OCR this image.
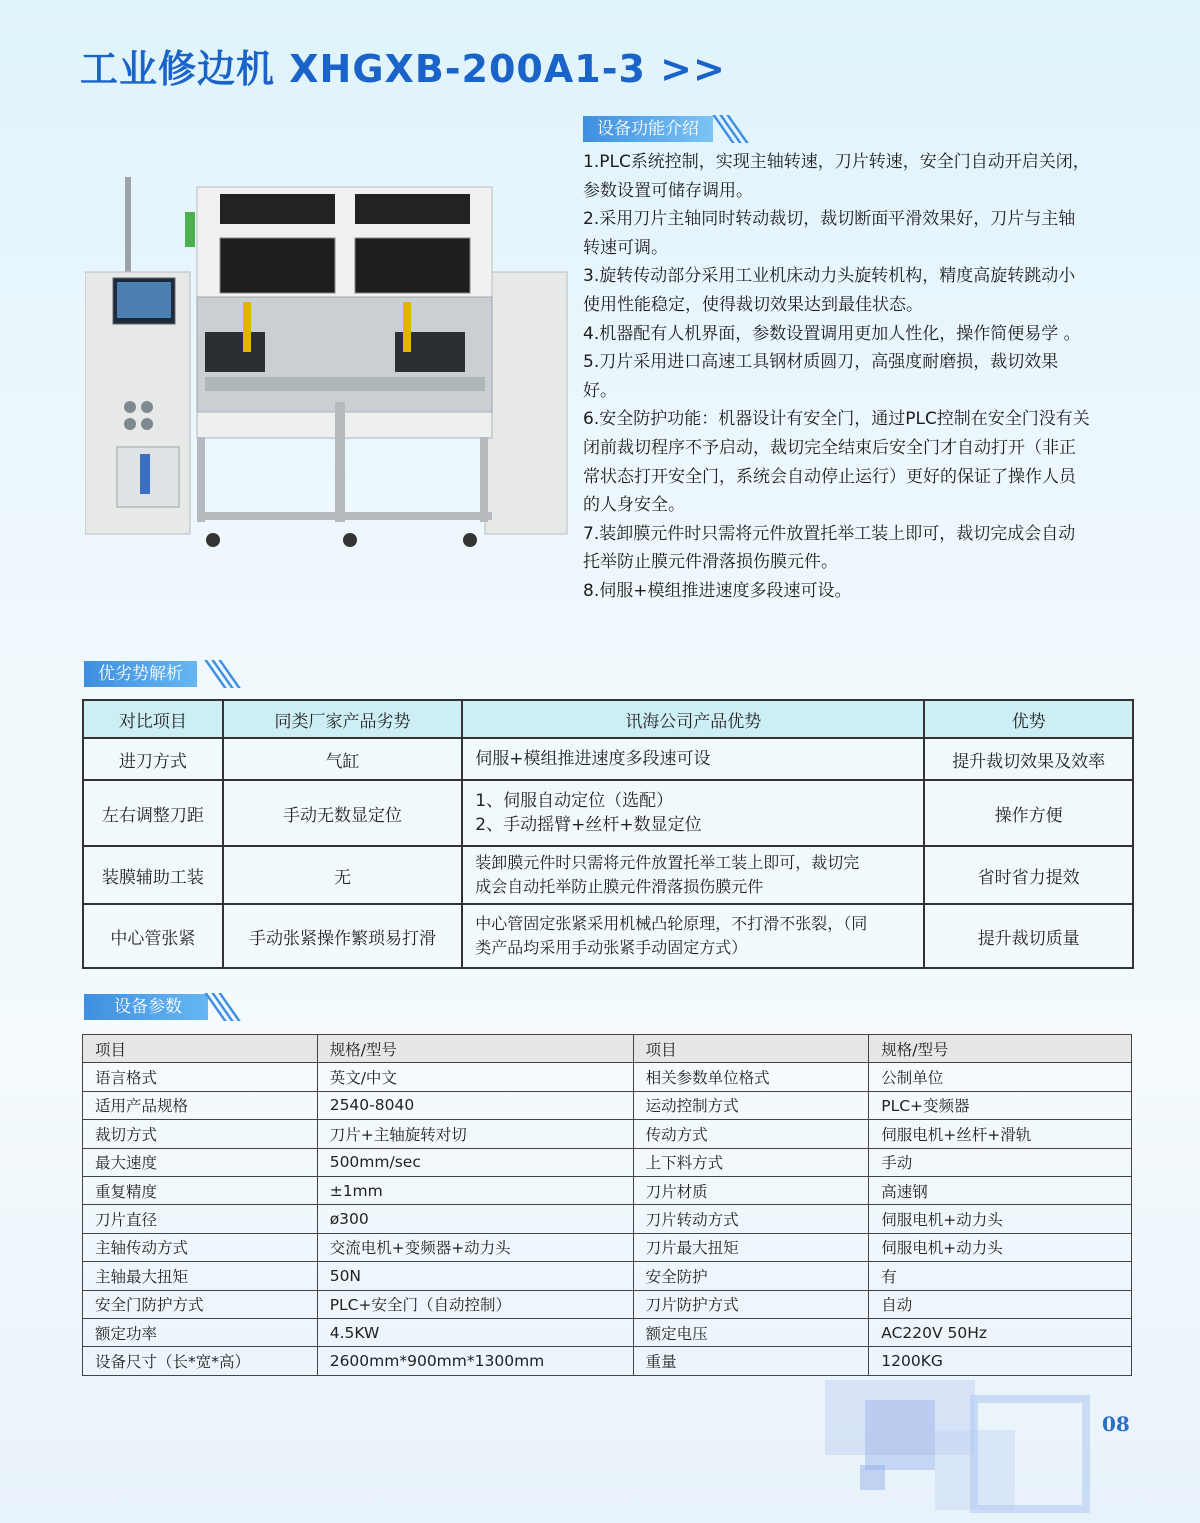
工业修边机 XHGXB-200A1-3 >>
设备功能介绍

1.PLC系统控制，实现主轴转速，刀片转速，安全门自动开启关闭，

参数设置可储存调用。

2.采用刀片主轴同时转动裁切，裁切断面平滑效果好，刀片与主轴

转速可调。

3.旋转传动部分采用工业机床动力头旋转机构，精度高旋转跳动小

使用性能稳定，使得裁切效果达到最佳状态。

4.机器配有人机界面，参数设置调用更加人性化，操作简便易学 。

5.刀片采用进口高速工具钢材质圆刀，高强度耐磨损，裁切效果

好。

6.安全防护功能：机器设计有安全门，通过PLC控制在安全门没有关

闭前裁切程序不予启动，裁切完全结束后安全门才自动打开（非正

常状态打开安全门，系统会自动停止运行）更好的保证了操作人员

的人身安全。

7.装卸膜元件时只需将元件放置托举工装上即可，裁切完成会自动

托举防止膜元件滑落损伤膜元件。

8.伺服+模组推进速度多段速可设。

优劣势解析
对比项目	同类厂家产品劣势	讯海公司产品优势	优势
进刀方式	气缸	伺服+模组推进速度多段速可设	提升裁切效果及效率
左右调整刀距	手动无数显定位	1、伺服自动定位（选配）
2、手动摇臂+丝杆+数显定位	操作方便
装膜辅助工装	无	装卸膜元件时只需将元件放置托举工装上即可，裁切完
成会自动托举防止膜元件滑落损伤膜元件	省时省力提效
中心管张紧	手动张紧操作繁琐易打滑	中心管固定张紧采用机械凸轮原理，不打滑不张裂，（同
类产品均采用手动张紧手动固定方式）	提升裁切质量
设备参数
项目	规格/型号	项目	规格/型号
语言格式	英文/中文	相关参数单位格式	公制单位
适用产品规格	2540-8040	运动控制方式	PLC+变频器
裁切方式	刀片+主轴旋转对切	传动方式	伺服电机+丝杆+滑轨
最大速度	500mm/sec	上下料方式	手动
重复精度	±1mm	刀片材质	高速钢
刀片直径	ø300	刀片转动方式	伺服电机+动力头
主轴传动方式	交流电机+变频器+动力头	刀片最大扭矩	伺服电机+动力头
主轴最大扭矩	50N	安全防护	有
安全门防护方式	PLC+安全门（自动控制）	刀片防护方式	自动
额定功率	4.5KW	额定电压	AC220V 50Hz
设备尺寸（长*宽*高）	2600mm*900mm*1300mm	重量	1200KG
08
